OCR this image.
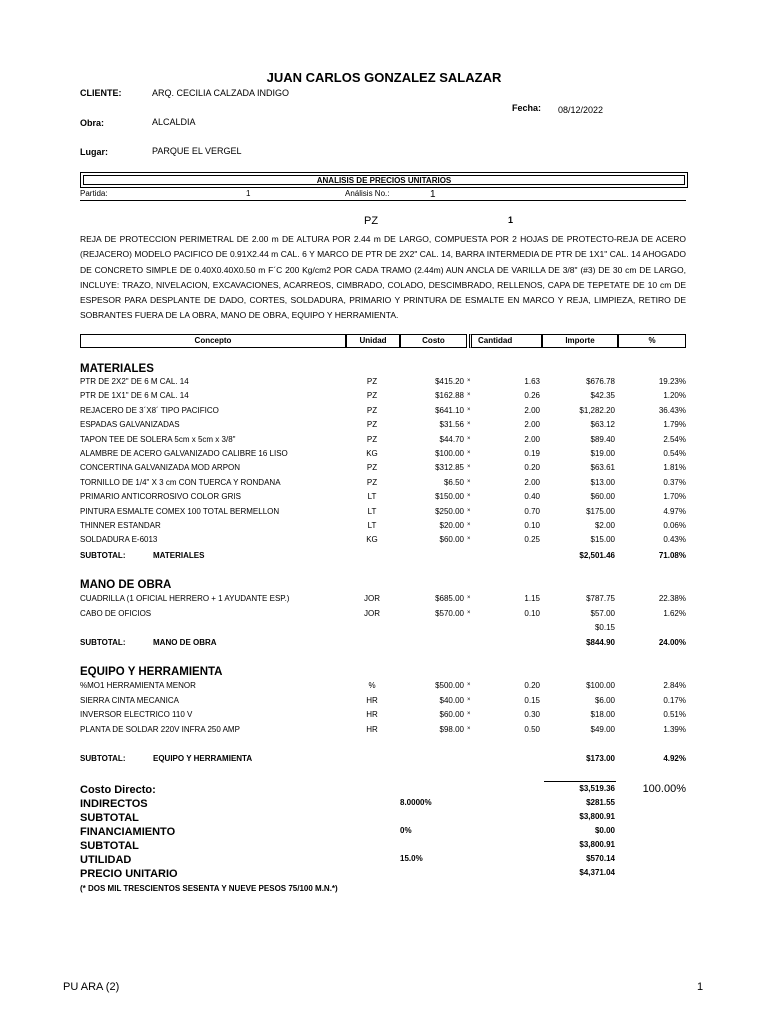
JUAN CARLOS GONZALEZ SALAZAR
CLIENTE:	ARQ. CECILIA CALZADA INDIGO
Fecha: 08/12/2022
Obra:	ALCALDIA
Lugar:	PARQUE EL VERGEL
ANALISIS DE PRECIOS UNITARIOS
Partida:	1	Análisis No.:	1
PZ	1
REJA DE PROTECCION PERIMETRAL DE 2.00 m DE ALTURA POR 2.44 m DE LARGO, COMPUESTA POR 2 HOJAS DE PROTECTO-REJA DE ACERO (REJACERO) MODELO PACIFICO DE 0.91X2.44 m CAL. 6 Y MARCO DE PTR DE 2X2" CAL. 14, BARRA INTERMEDIA DE PTR DE 1X1" CAL. 14 AHOGADO DE CONCRETO SIMPLE DE 0.40X0.40X0.50 m F´C 200 Kg/cm2 POR CADA TRAMO (2.44m) AUN ANCLA DE VARILLA DE 3/8" (#3) DE 30 cm DE LARGO, INCLUYE: TRAZO, NIVELACION, EXCAVACIONES, ACARREOS, CIMBRADO, COLADO, DESCIMBRADO, RELLENOS, CAPA DE TEPETATE DE 10 cm DE ESPESOR PARA DESPLANTE DE DADO, CORTES, SOLDADURA, PRIMARIO Y PRINTURA DE ESMALTE EN MARCO Y REJA, LIMPIEZA, RETIRO DE SOBRANTES FUERA DE LA OBRA, MANO DE OBRA, EQUIPO Y HERRAMIENTA.
Concepto	Unidad	Costo	Cantidad	Importe	%
MATERIALES
PTR DE 2X2" DE 6 M CAL. 14	PZ	$415.20 ×	1.63	$676.78	19.23%
PTR DE 1X1" DE 6 M CAL. 14	PZ	$162.88 ×	0.26	$42.35	1.20%
REJACERO DE 3´X8´ TIPO PACIFICO	PZ	$641.10 ×	2.00	$1,282.20	36.43%
ESPADAS GALVANIZADAS	PZ	$31.56 ×	2.00	$63.12	1.79%
TAPON TEE DE SOLERA 5cm x 5cm x 3/8"	PZ	$44.70 ×	2.00	$89.40	2.54%
ALAMBRE DE ACERO GALVANIZADO CALIBRE 16 LISO	KG	$100.00 ×	0.19	$19.00	0.54%
CONCERTINA GALVANIZADA MOD ARPON	PZ	$312.85 ×	0.20	$63.61	1.81%
TORNILLO DE 1/4" X 3 cm CON TUERCA Y RONDANA	PZ	$6.50 ×	2.00	$13.00	0.37%
PRIMARIO ANTICORROSIVO COLOR GRIS	LT	$150.00 ×	0.40	$60.00	1.70%
PINTURA ESMALTE COMEX 100 TOTAL BERMELLON	LT	$250.00 ×	0.70	$175.00	4.97%
THINNER ESTANDAR	LT	$20.00 ×	0.10	$2.00	0.06%
SOLDADURA E-6013	KG	$60.00 ×	0.25	$15.00	0.43%
SUBTOTAL:	MATERIALES	$2,501.46	71.08%
MANO DE OBRA
CUADRILLA (1 OFICIAL HERRERO + 1 AYUDANTE ESP.)	JOR	$685.00 ×	1.15	$787.75	22.38%
CABO DE OFICIOS	JOR	$570.00 ×	0.10	$57.00	1.62%
$0.15
SUBTOTAL:	MANO DE OBRA	$844.90	24.00%
EQUIPO Y HERRAMIENTA
%MO1 HERRAMIENTA MENOR	%	$500.00 ×	0.20	$100.00	2.84%
SIERRA CINTA MECANICA	HR	$40.00 ×	0.15	$6.00	0.17%
INVERSOR ELECTRICO 110 V	HR	$60.00 ×	0.30	$18.00	0.51%
PLANTA DE SOLDAR 220V INFRA 250 AMP	HR	$98.00 ×	0.50	$49.00	1.39%
SUBTOTAL:	EQUIPO Y HERRAMIENTA	$173.00	4.92%
Costo Directo:	$3,519.36	100.00%
INDIRECTOS	8.0000%	$281.55
SUBTOTAL	$3,800.91
FINANCIAMIENTO	0%	$0.00
SUBTOTAL	$3,800.91
UTILIDAD	15.0%	$570.14
PRECIO UNITARIO	$4,371.04
(* DOS MIL TRESCIENTOS SESENTA Y NUEVE PESOS 75/100 M.N.*)
PU ARA (2)	1
